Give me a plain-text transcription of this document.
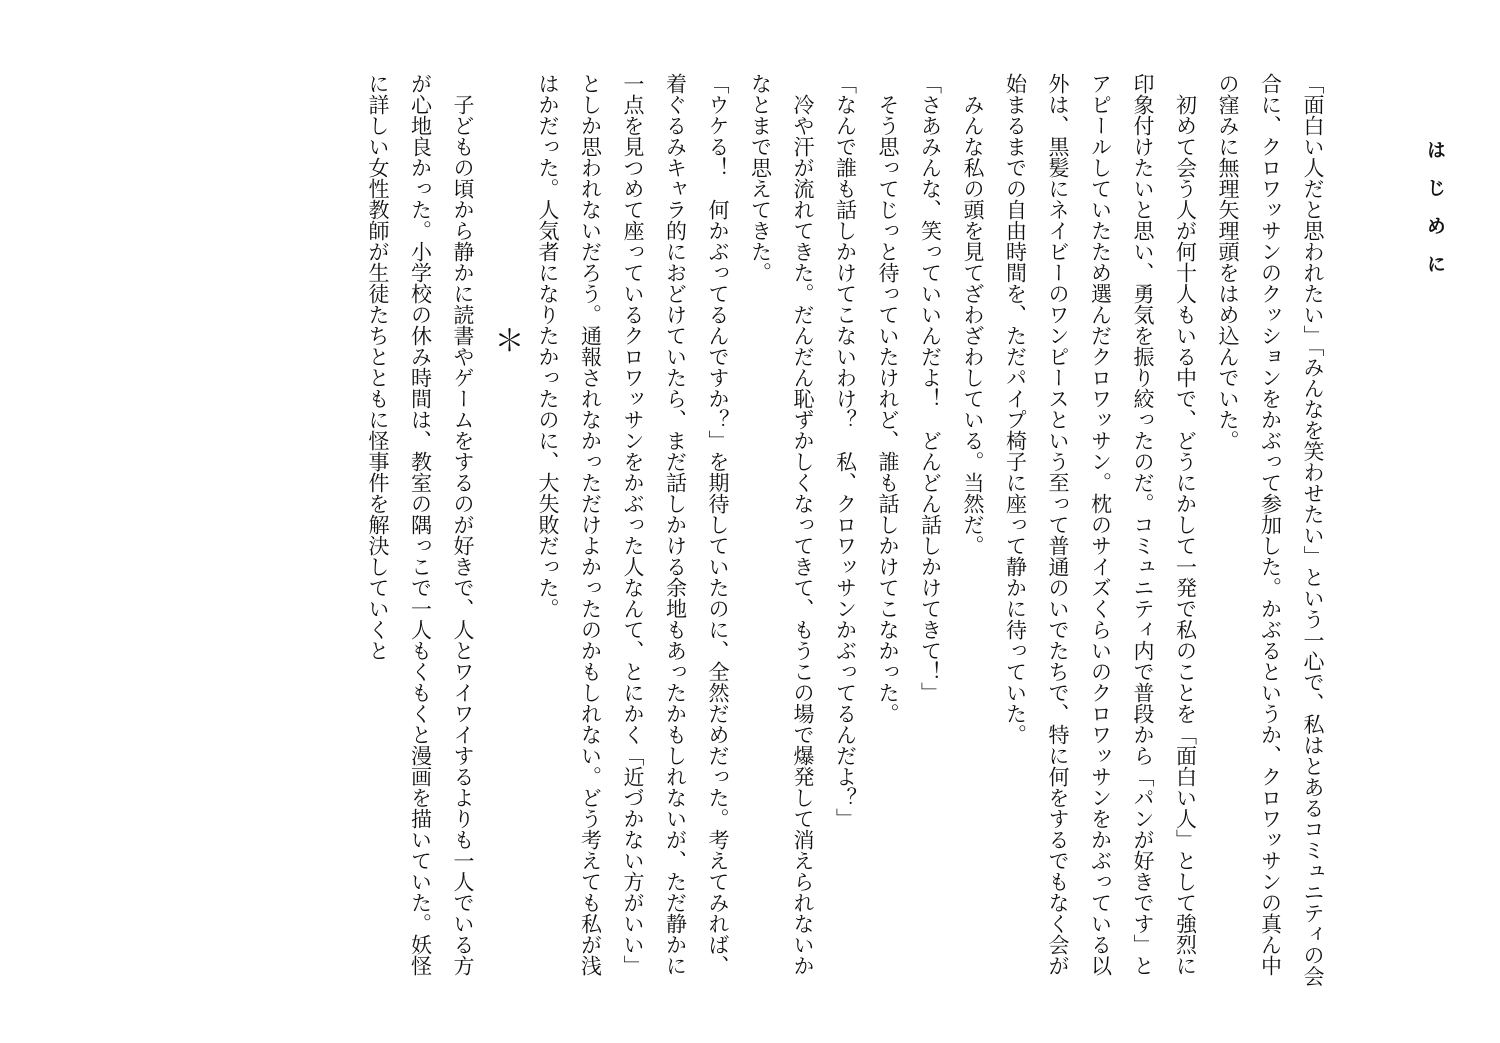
はじめに
「面白い人だと思われたい」「みんなを笑わせたい」という一心で、私はとあるコミュニティの会合に、クロワッサンのクッションをかぶって参加した。かぶるというか、クロワッサンの真ん中の窪みに無理矢理頭をはめ込んでいた。
初めて会う人が何十人もいる中で、どうにかして一発で私のことを「面白い人」として強烈に印象付けたいと思い、勇気を振り絞ったのだ。コミュニティ内で普段から「パンが好きです」とアピールしていたため選んだクロワッサン。枕のサイズくらいのクロワッサンをかぶっている以外は、黒髪にネイビーのワンピースという至って普通のいでたちで、特に何をするでもなく会が始まるまでの自由時間を、ただパイプ椅子に座って静かに待っていた。
みんな私の頭を見てざわざわしている。当然だ。
「さあみんな、笑っていいんだよ！　どんどん話しかけてきて！」
そう思ってじっと待っていたけれど、誰も話しかけてこなかった。
「なんで誰も話しかけてこないわけ？　私、クロワッサンかぶってるんだよ？」
冷や汗が流れてきた。だんだん恥ずかしくなってきて、もうこの場で爆発して消えられないかなとまで思えてきた。
「ウケる！　何かぶってるんですか？」を期待していたのに、全然だめだった。考えてみれば、着ぐるみキャラ的におどけていたら、まだ話しかける余地もあったかもしれないが、ただ静かに一点を見つめて座っているクロワッサンをかぶった人なんて、とにかく「近づかない方がいい」としか思われないだろう。通報されなかっただけよかったのかもしれない。どう考えても私が浅はかだった。人気者になりたかったのに、大失敗だった。
＊
子どもの頃から静かに読書やゲームをするのが好きで、人とワイワイするよりも一人でいる方が心地良かった。小学校の休み時間は、教室の隅っこで一人もくもくと漫画を描いていた。妖怪に詳しい女性教師が生徒たちとともに怪事件を解決していくと
